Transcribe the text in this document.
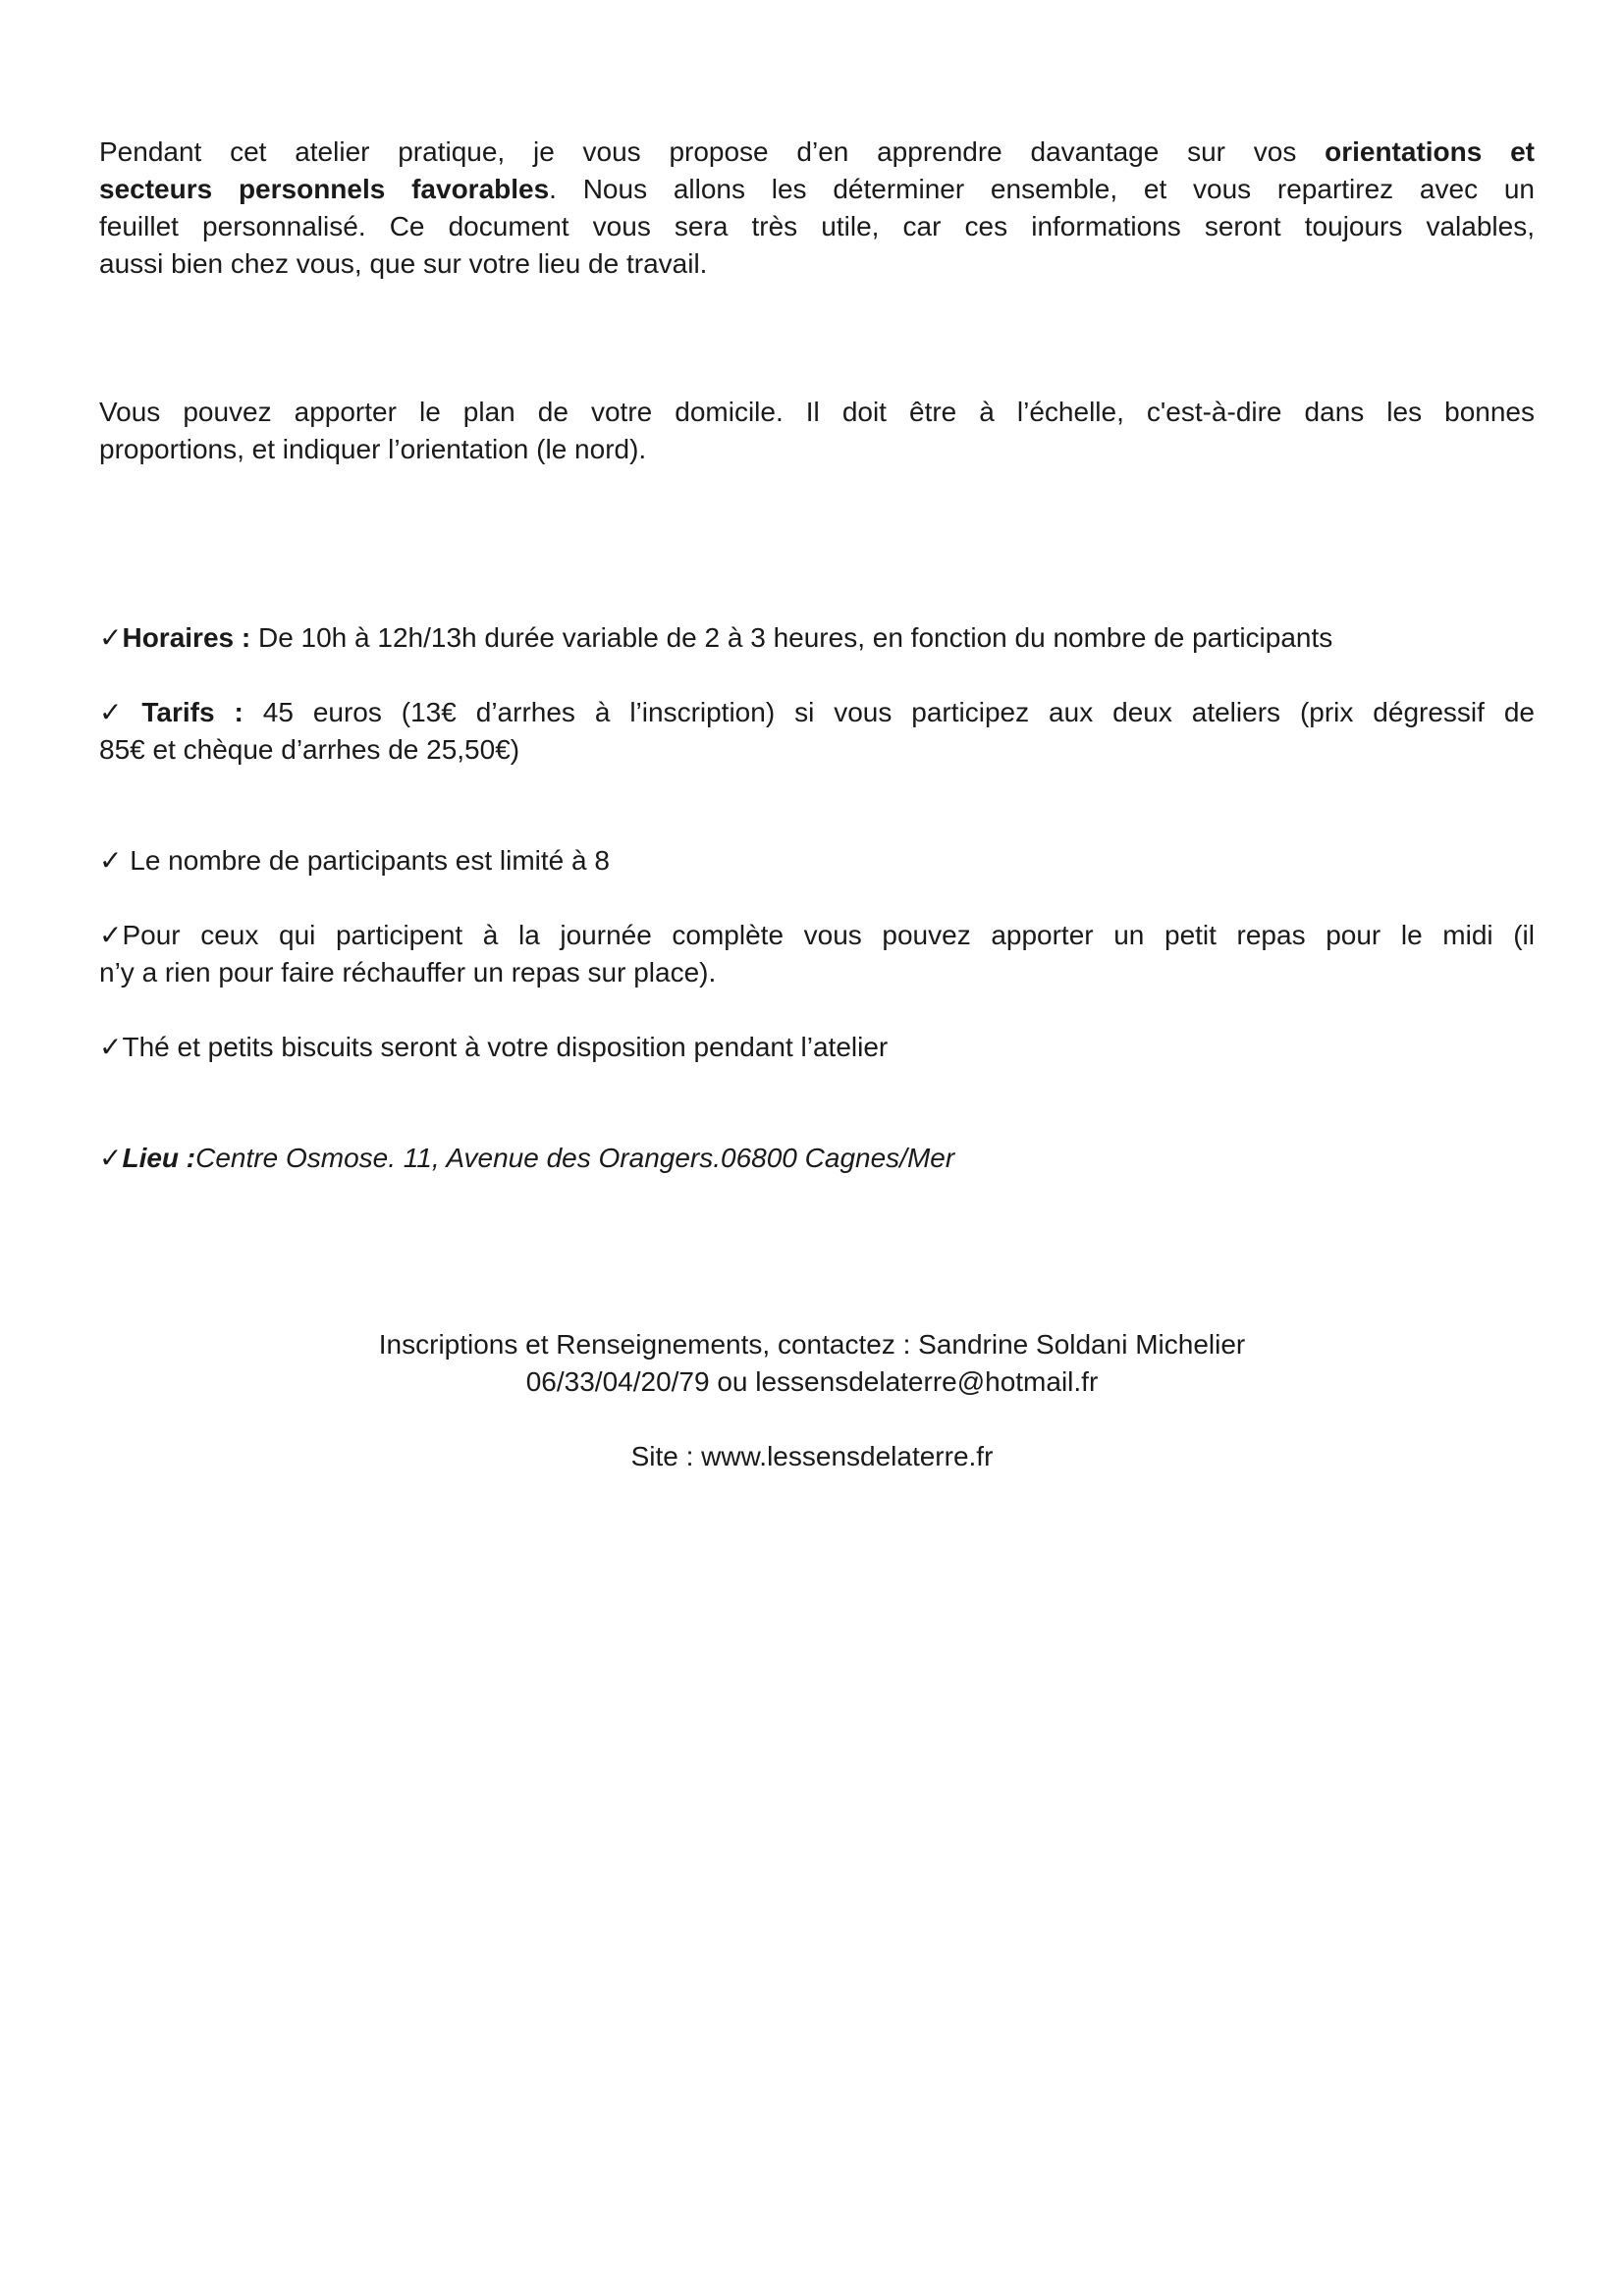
Pendant cet atelier pratique, je vous propose d’en apprendre davantage sur vos orientations et
secteurs personnels favorables. Nous allons les déterminer ensemble, et vous repartirez avec un
feuillet personnalisé. Ce document vous sera très utile, car ces informations seront toujours valables,
aussi bien chez vous, que sur votre lieu de travail.
Vous pouvez apporter le plan de votre domicile. Il doit être à l’échelle, c'est-à-dire dans les bonnes
proportions, et indiquer l’orientation (le nord).

✓Horaires : De 10h à 12h/13h durée variable de 2 à 3 heures, en fonction du nombre de participants

✓ Tarifs : 45 euros (13€ d’arrhes à l’inscription) si vous participez aux deux ateliers (prix dégressif de
85€ et chèque d’arrhes de 25,50€)

✓ Le nombre de participants est limité à 8

✓Pour ceux qui participent à la journée complète vous pouvez apporter un petit repas pour le midi (il
n’y a rien pour faire réchauffer un repas sur place).

✓Thé et petits biscuits seront à votre disposition pendant l’atelier

✓Lieu :Centre Osmose. 11, Avenue des Orangers.06800 Cagnes/Mer

Inscriptions et Renseignements, contactez : Sandrine Soldani Michelier

06/33/04/20/79 ou lessensdelaterre@hotmail.fr

Site : www.lessensdelaterre.fr
